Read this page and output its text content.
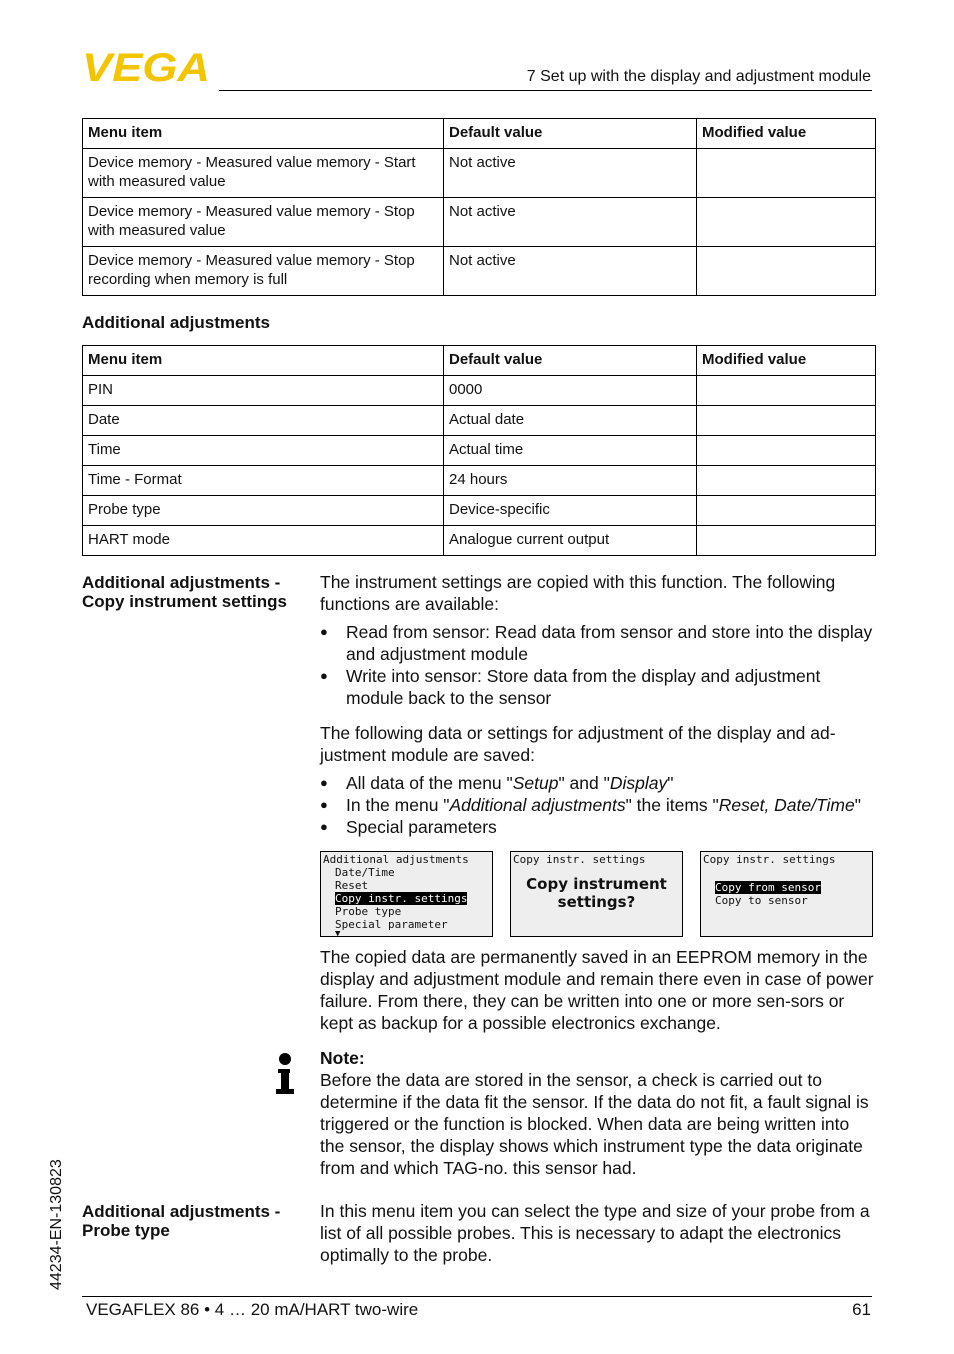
VEGA	7 Set up with the display and adjustment module
Menu item	Default value	Modified value
Device memory - Measured value memory - Start with measured value	Not active	
Device memory - Measured value memory - Stop with measured value	Not active	
Device memory - Measured value memory - Stop recording when memory is full	Not active	
Additional adjustments
Menu item	Default value	Modified value
PIN	0000	
Date	Actual date	
Time	Actual time	
Time - Format	24 hours	
Probe type	Device-specific	
HART mode	Analogue current output	
Additional adjustments -
Copy instrument settings

The instrument settings are copied with this function. The following functions are available:

● Read from sensor: Read data from sensor and store into the display and adjustment module
● Write into sensor: Store data from the display and adjustment module back to the sensor

The following data or settings for adjustment of the display and ad-justment module are saved:

● All data of the menu "Setup" and "Display"
● In the menu "Additional adjustments" the items "Reset, Date/Time"
● Special parameters
Additional adjustments
Date/Time
Reset
Copy instr. settings
Probe type
Special parameter
▼
Copy instr. settings
Copy instrument
settings?
Copy instr. settings
Copy from sensor
Copy to sensor
The copied data are permanently saved in an EEPROM memory in the display and adjustment module and remain there even in case of power failure. From there, they can be written into one or more sen-sors or kept as backup for a possible electronics exchange.

Note:

Before the data are stored in the sensor, a check is carried out to determine if the data fit the sensor. If the data do not fit, a fault signal is triggered or the function is blocked. When data are being written into the sensor, the display shows which instrument type the data originate from and which TAG-no. this sensor had.

Additional adjustments -
Probe type
In this menu item you can select the type and size of your probe from a list of all possible probes. This is necessary to adapt the electronics optimally to the probe.
44234-EN-130823
VEGAFLEX 86 • 4 … 20 mA/HART two-wire	61
